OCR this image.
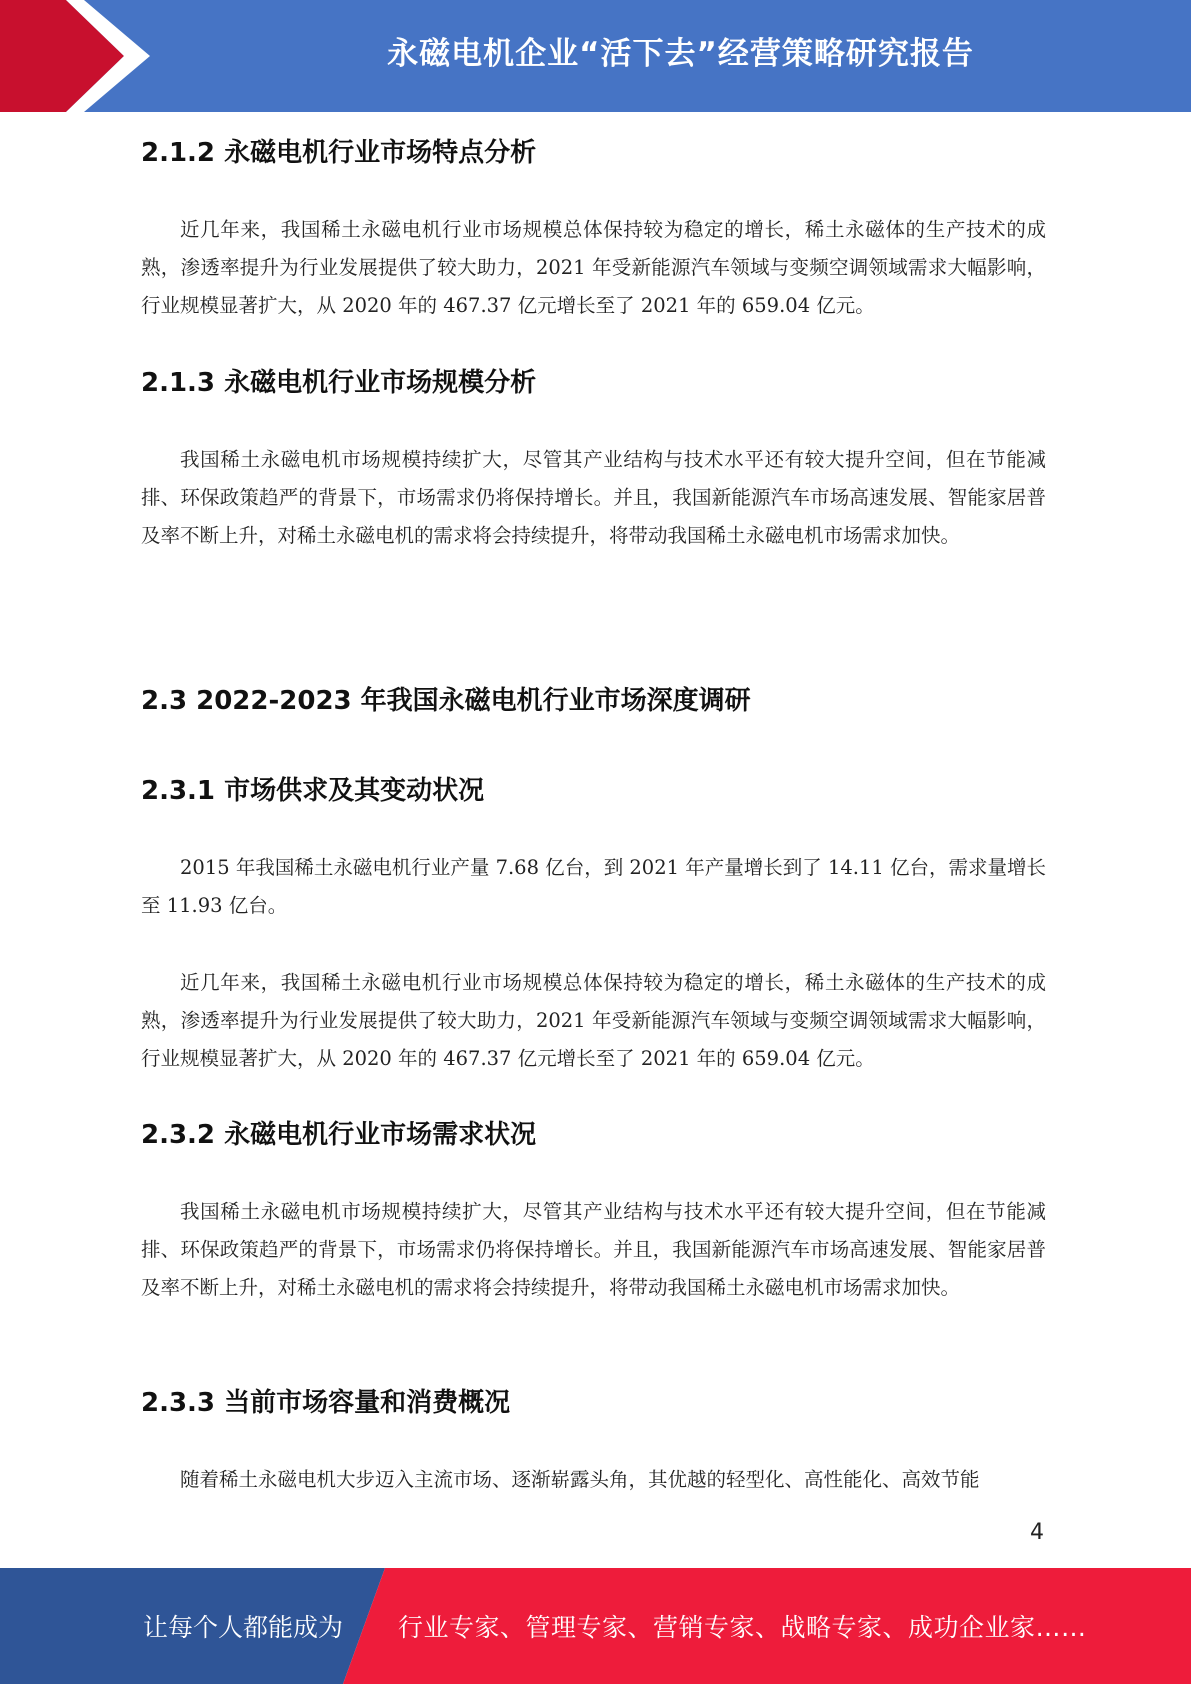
永磁电机企业“活下去”经营策略研究报告
2.1.2 永磁电机行业市场特点分析

近几年来，我国稀土永磁电机行业市场规模总体保持较为稳定的增长，稀土永磁体的生产技术的成熟，渗透率提升为行业发展提供了较大助力，2021 年受新能源汽车领域与变频空调领域需求大幅影响，行业规模显著扩大，从 2020 年的 467.37 亿元增长至了 2021 年的 659.04 亿元。

2.1.3 永磁电机行业市场规模分析

我国稀土永磁电机市场规模持续扩大，尽管其产业结构与技术水平还有较大提升空间，但在节能减排、环保政策趋严的背景下，市场需求仍将保持增长。并且，我国新能源汽车市场高速发展、智能家居普及率不断上升，对稀土永磁电机的需求将会持续提升，将带动我国稀土永磁电机市场需求加快。

2.3 2022-2023 年我国永磁电机行业市场深度调研
2.3.1 市场供求及其变动状况

2015 年我国稀土永磁电机行业产量 7.68 亿台，到 2021 年产量增长到了 14.11 亿台，需求量增长至 11.93 亿台。

近几年来，我国稀土永磁电机行业市场规模总体保持较为稳定的增长，稀土永磁体的生产技术的成熟，渗透率提升为行业发展提供了较大助力，2021 年受新能源汽车领域与变频空调领域需求大幅影响，行业规模显著扩大，从 2020 年的 467.37 亿元增长至了 2021 年的 659.04 亿元。

2.3.2 永磁电机行业市场需求状况

我国稀土永磁电机市场规模持续扩大，尽管其产业结构与技术水平还有较大提升空间，但在节能减排、环保政策趋严的背景下，市场需求仍将保持增长。并且，我国新能源汽车市场高速发展、智能家居普及率不断上升，对稀土永磁电机的需求将会持续提升，将带动我国稀土永磁电机市场需求加快。

2.3.3 当前市场容量和消费概况

随着稀土永磁电机大步迈入主流市场、逐渐崭露头角，其优越的轻型化、高性能化、高效节能

4
让每个人都能成为 行业专家、管理专家、营销专家、战略专家、成功企业家……
